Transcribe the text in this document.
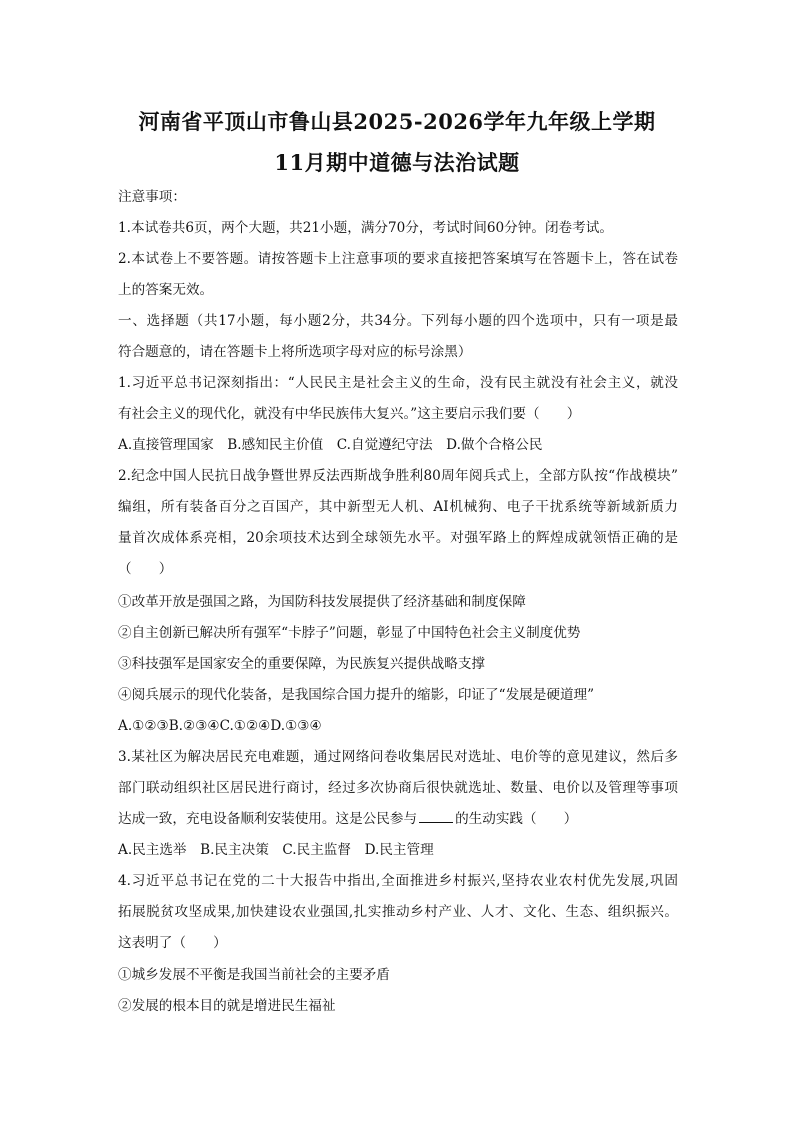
河南省平顶山市鲁山县2025-2026学年九年级上学期
11月期中道德与法治试题
注意事项：
1.本试卷共6页，两个大题，共21小题，满分70分，考试时间60分钟。闭卷考试。
2.本试卷上不要答题。请按答题卡上注意事项的要求直接把答案填写在答题卡上，答在试卷
上的答案无效。
一、选择题（共17小题，每小题2分，共34分。下列每小题的四个选项中，只有一项是最
符合题意的，请在答题卡上将所选项字母对应的标号涂黑）
1.习近平总书记深刻指出：“人民民主是社会主义的生命，没有民主就没有社会主义，就没
有社会主义的现代化，就没有中华民族伟大复兴。”这主要启示我们要（　　）
A.直接管理国家　B.感知民主价值　C.自觉遵纪守法　D.做个合格公民
2.纪念中国人民抗日战争暨世界反法西斯战争胜利80周年阅兵式上，全部方队按“作战模块”
编组，所有装备百分之百国产，其中新型无人机、AI机械狗、电子干扰系统等新域新质力
量首次成体系亮相，20余项技术达到全球领先水平。对强军路上的辉煌成就领悟正确的是
（　　）
①改革开放是强国之路，为国防科技发展提供了经济基础和制度保障
②自主创新已解决所有强军“卡脖子”问题，彰显了中国特色社会主义制度优势
③科技强军是国家安全的重要保障，为民族复兴提供战略支撑
④阅兵展示的现代化装备，是我国综合国力提升的缩影，印证了“发展是硬道理”
A.①②③B.②③④C.①②④D.①③④
3.某社区为解决居民充电难题，通过网络问卷收集居民对选址、电价等的意见建议，然后多
部门联动组织社区居民进行商讨，经过多次协商后很快就选址、数量、电价以及管理等事项
达成一致，充电设备顺利安装使用。这是公民参与	的生动实践（　　）
A.民主选举　B.民主决策　C.民主监督　D.民主管理
4.习近平总书记在党的二十大报告中指出,全面推进乡村振兴,坚持农业农村优先发展,巩固
拓展脱贫攻坚成果,加快建设农业强国,扎实推动乡村产业、人才、文化、生态、组织振兴。
这表明了（　　）
①城乡发展不平衡是我国当前社会的主要矛盾
②发展的根本目的就是增进民生福祉
